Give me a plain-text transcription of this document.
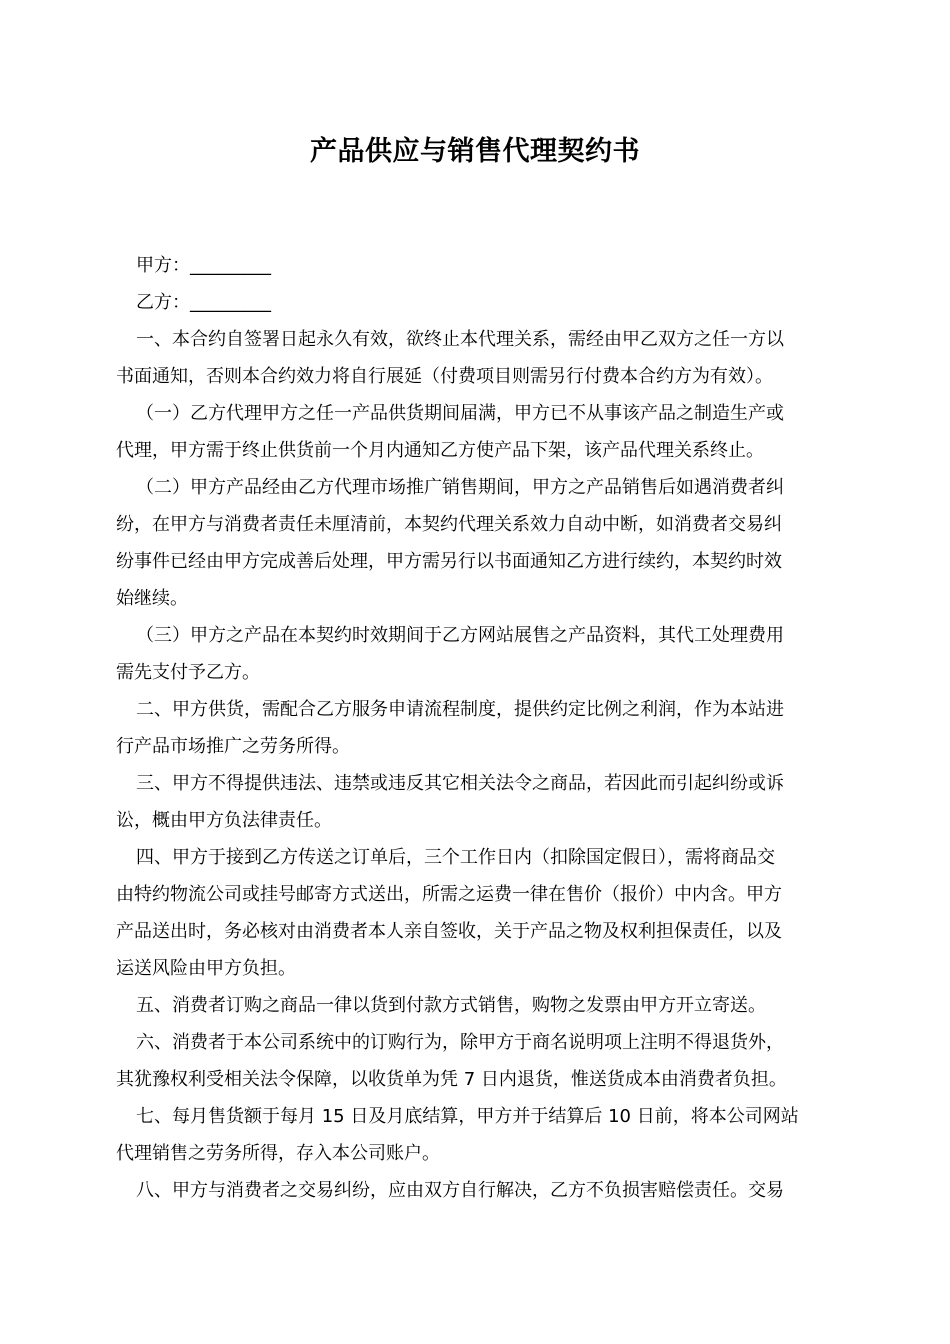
产品供应与销售代理契约书
甲方：_________
乙方：_________
一、本合约自签署日起永久有效，欲终止本代理关系，需经由甲乙双方之任一方以
书面通知，否则本合约效力将自行展延（付费项目则需另行付费本合约方为有效）。
（一）乙方代理甲方之任一产品供货期间届满，甲方已不从事该产品之制造生产或
代理，甲方需于终止供货前一个月内通知乙方使产品下架，该产品代理关系终止。
（二）甲方产品经由乙方代理市场推广销售期间，甲方之产品销售后如遇消费者纠
纷，在甲方与消费者责任未厘清前，本契约代理关系效力自动中断，如消费者交易纠
纷事件已经由甲方完成善后处理，甲方需另行以书面通知乙方进行续约，本契约时效
始继续。
（三）甲方之产品在本契约时效期间于乙方网站展售之产品资料，其代工处理费用
需先支付予乙方。
二、甲方供货，需配合乙方服务申请流程制度，提供约定比例之利润，作为本站进
行产品市场推广之劳务所得。
三、甲方不得提供违法、违禁或违反其它相关法令之商品，若因此而引起纠纷或诉
讼，概由甲方负法律责任。
四、甲方于接到乙方传送之订单后，三个工作日内（扣除国定假日），需将商品交
由特约物流公司或挂号邮寄方式送出，所需之运费一律在售价（报价）中内含。甲方
产品送出时，务必核对由消费者本人亲自签收，关于产品之物及权利担保责任，以及
运送风险由甲方负担。
五、消费者订购之商品一律以货到付款方式销售，购物之发票由甲方开立寄送。
六、消费者于本公司系统中的订购行为，除甲方于商名说明项上注明不得退货外，
其犹豫权利受相关法令保障，以收货单为凭 7 日内退货，惟送货成本由消费者负担。
七、每月售货额于每月 15 日及月底结算，甲方并于结算后 10 日前，将本公司网站
代理销售之劳务所得，存入本公司账户。
八、甲方与消费者之交易纠纷，应由双方自行解决，乙方不负损害赔偿责任。交易
